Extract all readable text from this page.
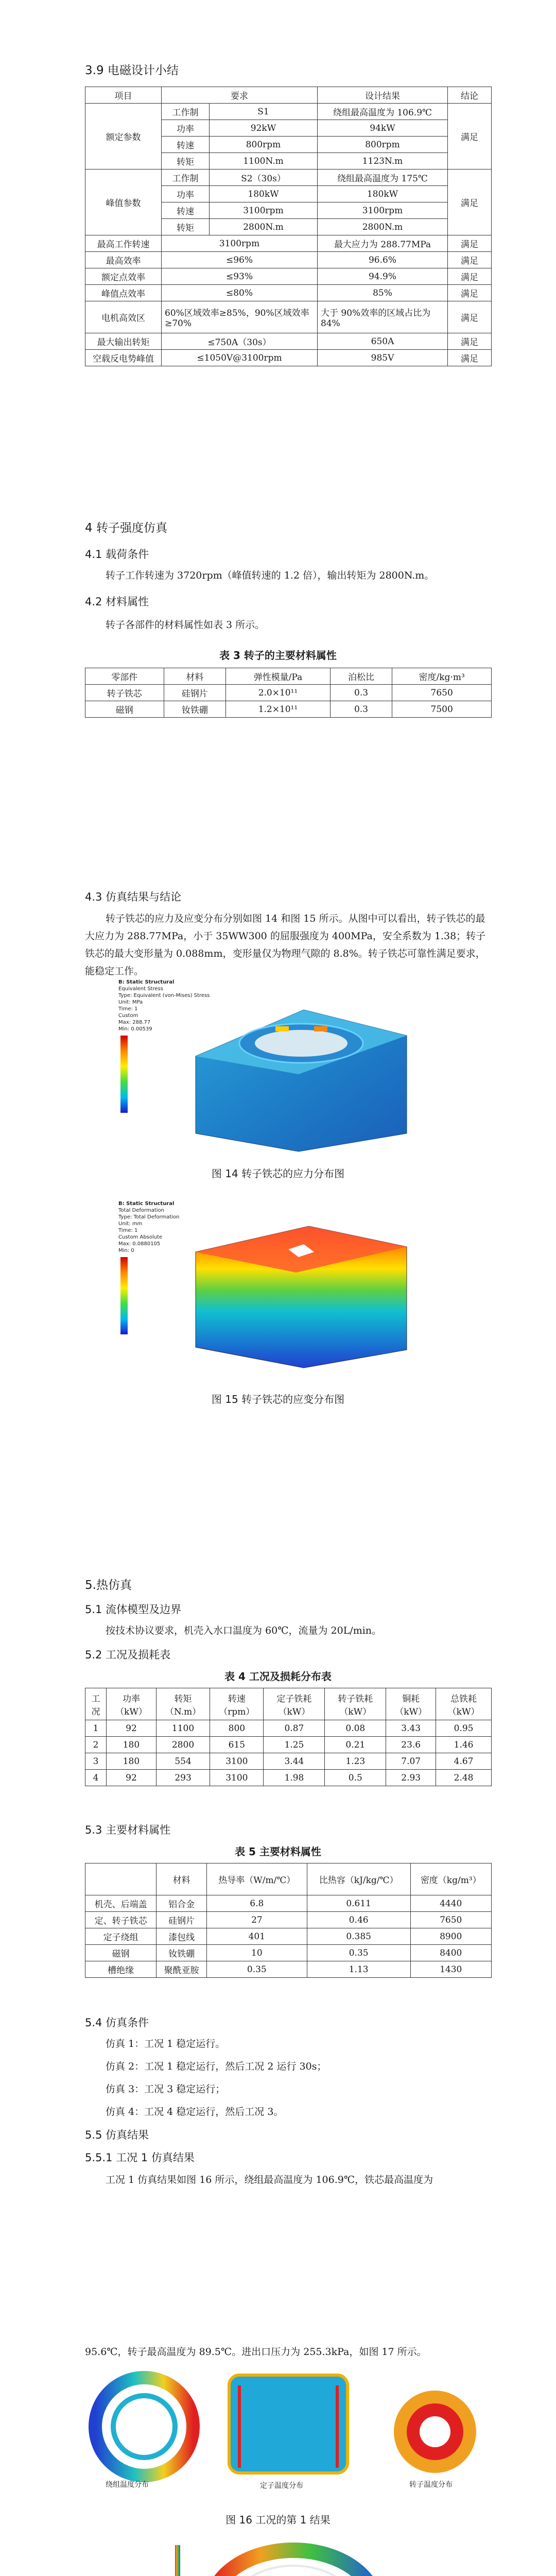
3.9 电磁设计小结
项目	要求		设计结果	结论
额定参数	工作制	S1	绕组最高温度为 106.9℃	满足
	功率	92kW	94kW	
	转速	800rpm	800rpm	
	转矩	1100N.m	1123N.m	
峰值参数	工作制	S2（30s）	绕组最高温度为 175℃	满足
	功率	180kW	180kW	
	转速	3100rpm	3100rpm	
	转矩	2800N.m	2800N.m	
最高工作转速	3100rpm		最大应力为 288.77MPa	满足
最高效率	≤96%		96.6%	满足
额定点效率	≤93%		94.9%	满足
峰值点效率	≤80%		85%	满足
电机高效区	60%区域效率≥85%，90%区域效率≥70%		大于 90%效率的区域占比为 84%	满足
最大输出转矩	≤750A（30s）		650A	满足
空载反电势峰值	≤1050V@3100rpm		985V	满足
4 转子强度仿真
4.1 载荷条件
转子工作转速为 3720rpm（峰值转速的 1.2 倍），输出转矩为 2800N.m。
4.2 材料属性
转子各部件的材料属性如表 3 所示。
表 3 转子的主要材料属性
零部件	材料	弹性模量/Pa	泊松比	密度/kg·m³
转子铁芯	硅钢片	2.0×10¹¹	0.3	7650
磁钢	钕铁硼	1.2×10¹¹	0.3	7500
4.3 仿真结果与结论
转子铁芯的应力及应变分布分别如图 14 和图 15 所示。从图中可以看出，转子铁芯的最大应力为 288.77MPa，小于 35WW300 的屈服强度为 400MPa，安全系数为 1.38；转子铁芯的最大变形量为 0.088mm，变形量仅为物理气隙的 8.8%。转子铁芯可靠性满足要求，能稳定工作。
B: Static Structural
Equivalent Stress
Type: Equivalent (von-Mises) Stress
Unit: MPa
Time: 1
Custom
Max: 288.77
Min: 0.00539
图 14 转子铁芯的应力分布图
B: Static Structural
Total Deformation
Type: Total Deformation
Unit: mm
Time: 1
Custom Absolute
Max: 0.0880105
Min: 0
图 15 转子铁芯的应变分布图
5.热仿真
5.1 流体模型及边界
按技术协议要求，机壳入水口温度为 60℃，流量为 20L/min。
5.2 工况及损耗表
表 4 工况及损耗分布表
工况	功率（kW）	转矩（N.m）	转速（rpm）	定子铁耗（kW）	转子铁耗（kW）	铜耗（kW）	总铁耗（kW）
1	92	1100	800	0.87	0.08	3.43	0.95
2	180	2800	615	1.25	0.21	23.6	1.46
3	180	554	3100	3.44	1.23	7.07	4.67
4	92	293	3100	1.98	0.5	2.93	2.48
5.3 主要材料属性
表 5 主要材料属性
	材料	热导率（W/m/℃）	比热容（kJ/kg/℃）	密度（kg/m³）
机壳、后端盖	铝合金	6.8	0.611	4440
定、转子铁芯	硅钢片	27	0.46	7650
定子绕组	漆包线	401	0.385	8900
磁钢	钕铁硼	10	0.35	8400
槽绝缘	聚酰亚胺	0.35	1.13	1430
5.4 仿真条件
仿真 1：工况 1 稳定运行。
仿真 2：工况 1 稳定运行，然后工况 2 运行 30s；
仿真 3：工况 3 稳定运行；
仿真 4：工况 4 稳定运行，然后工况 3。
5.5 仿真结果
5.5.1 工况 1 仿真结果
工况 1 仿真结果如图 16 所示，绕组最高温度为 106.9℃，铁芯最高温度为
95.6℃，转子最高温度为 89.5℃。进出口压力为 255.3kPa，如图 17 所示。
绕组温度分布	定子温度分布	转子温度分布
图 16 工况的第 1 结果
